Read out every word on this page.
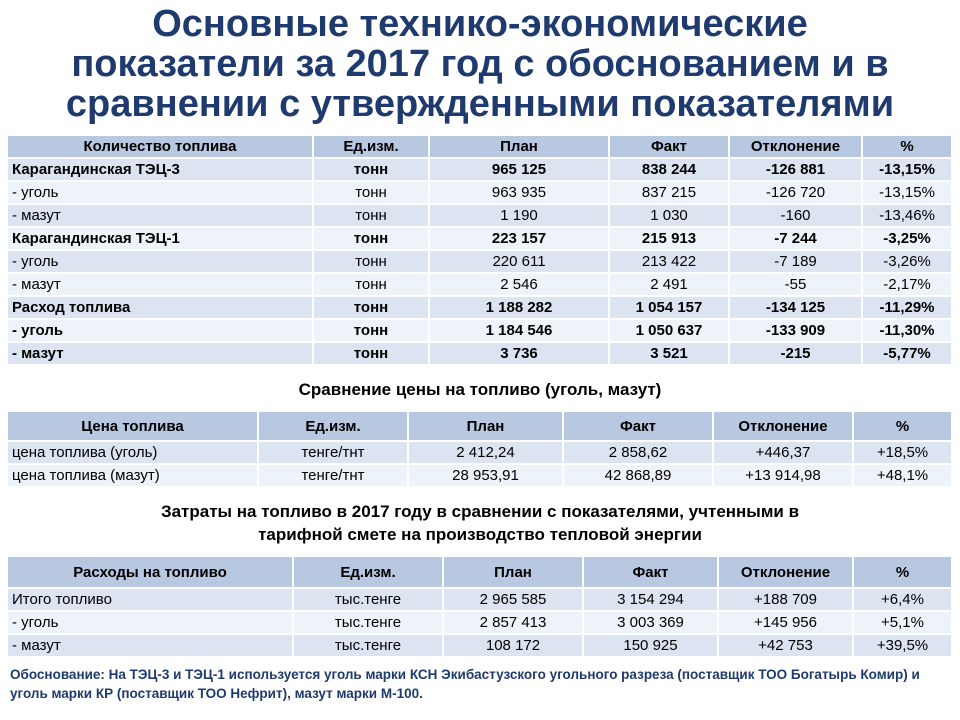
Основные технико-экономические
показатели за 2017 год с обоснованием и в
сравнении с утвержденными показателями
Количество топлива	Ед.изм.	План	Факт	Отклонение	%
Карагандинская ТЭЦ-3	тонн	965 125	838 244	-126 881	-13,15%
- уголь	тонн	963 935	837 215	-126 720	-13,15%
- мазут	тонн	1 190	1 030	-160	-13,46%
Карагандинская ТЭЦ-1	тонн	223 157	215 913	-7 244	-3,25%
- уголь	тонн	220 611	213 422	-7 189	-3,26%
- мазут	тонн	2 546	2 491	-55	-2,17%
Расход топлива	тонн	1 188 282	1 054 157	-134 125	-11,29%
- уголь	тонн	1 184 546	1 050 637	-133 909	-11,30%
- мазут	тонн	3 736	3 521	-215	-5,77%
Сравнение цены на топливо (уголь, мазут)
Цена топлива	Ед.изм.	План	Факт	Отклонение	%
цена топлива (уголь)	тенге/тнт	2 412,24	2 858,62	+446,37	+18,5%
цена топлива (мазут)	тенге/тнт	28 953,91	42 868,89	+13 914,98	+48,1%
Затраты на топливо в 2017 году в сравнении с показателями, учтенными в
тарифной смете на производство тепловой энергии
Расходы на топливо	Ед.изм.	План	Факт	Отклонение	%
Итого топливо	тыс.тенге	2 965 585	3 154 294	+188 709	+6,4%
- уголь	тыс.тенге	2 857 413	3 003 369	+145 956	+5,1%
- мазут	тыс.тенге	108 172	150 925	+42 753	+39,5%
Обоснование: На ТЭЦ-3 и ТЭЦ-1 используется уголь марки КСН Экибастузского угольного разреза (поставщик ТОО Богатырь Комир) и уголь марки КР (поставщик ТОО Нефрит), мазут марки М-100.
